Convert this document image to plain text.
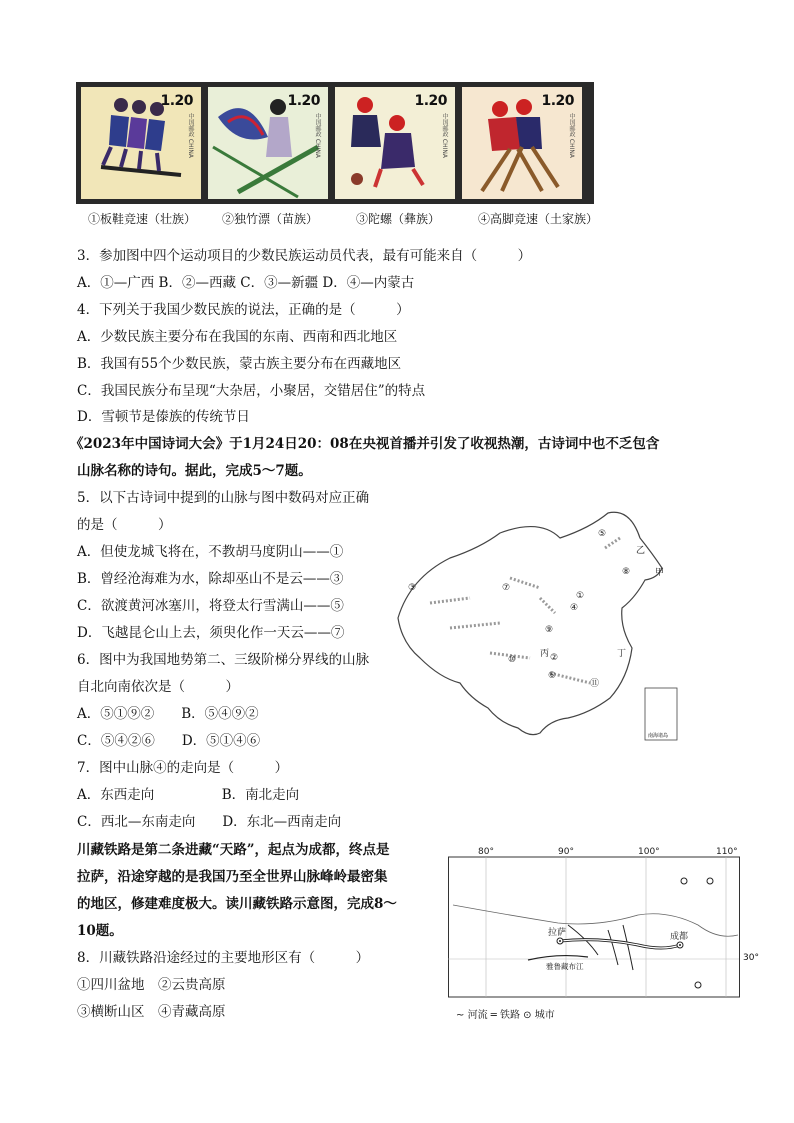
1.20
中国邮政 CHINA
1.20
中国邮政 CHINA
1.20
中国邮政 CHINA
1.20
中国邮政 CHINA
①板鞋竞速（壮族） ②独竹漂（苗族）	③陀螺（彝族）	④高脚竞速（土家族）
3．参加图中四个运动项目的少数民族运动员代表，最有可能来自（　　　）
A．①—广西 B．②—西藏 C．③—新疆 D．④—内蒙古
4．下列关于我国少数民族的说法，正确的是（　　　）
A．少数民族主要分布在我国的东南、西南和西北地区
B．我国有55个少数民族，蒙古族主要分布在西藏地区
C．我国民族分布呈现“大杂居，小聚居，交错居住”的特点
D．雪顿节是傣族的传统节日
《2023年中国诗词大会》于1月24日20：08在央视首播并引发了收视热潮，古诗词中也不乏包含
山脉名称的诗句。据此，完成5～7题。
5．以下古诗词中提到的山脉与图中数码对应正确
的是（　　　）
A．但使龙城飞将在，不教胡马度阴山——①
B．曾经沧海难为水，除却巫山不是云——③
C．欲渡黄河冰塞川，将登太行雪满山——⑤
D．飞越昆仑山上去，须臾化作一天云——⑦
6．图中为我国地势第二、三级阶梯分界线的山脉
自北向南依次是（　　　）
A．⑤①⑨②　　B．⑤④⑨②
C．⑤④②⑥　　D．⑤①④⑥
7．图中山脉④的走向是（　　　）
A．东西走向　　　　　B．南北走向
C．西北—东南走向　　D．东北—西南走向
川藏铁路是第二条进藏“天路”，起点为成都，终点是
拉萨，沿途穿越的是我国乃至全世界山脉峰岭最密集
的地区，修建难度极大。读川藏铁路示意图，完成8～
10题。
8．川藏铁路沿途经过的主要地形区有（　　　）
①四川盆地　②云贵高原
③横断山区　④青藏高原
南海诸岛
①
②
③
④
⑤
⑥
⑦
⑧
⑨
⑩
⑪
甲
乙
丙	丁
80°	90°	100°	110°
拉萨	成都
雅鲁藏布江
30°
~ 河流 ═ 铁路 ⊙ 城市
